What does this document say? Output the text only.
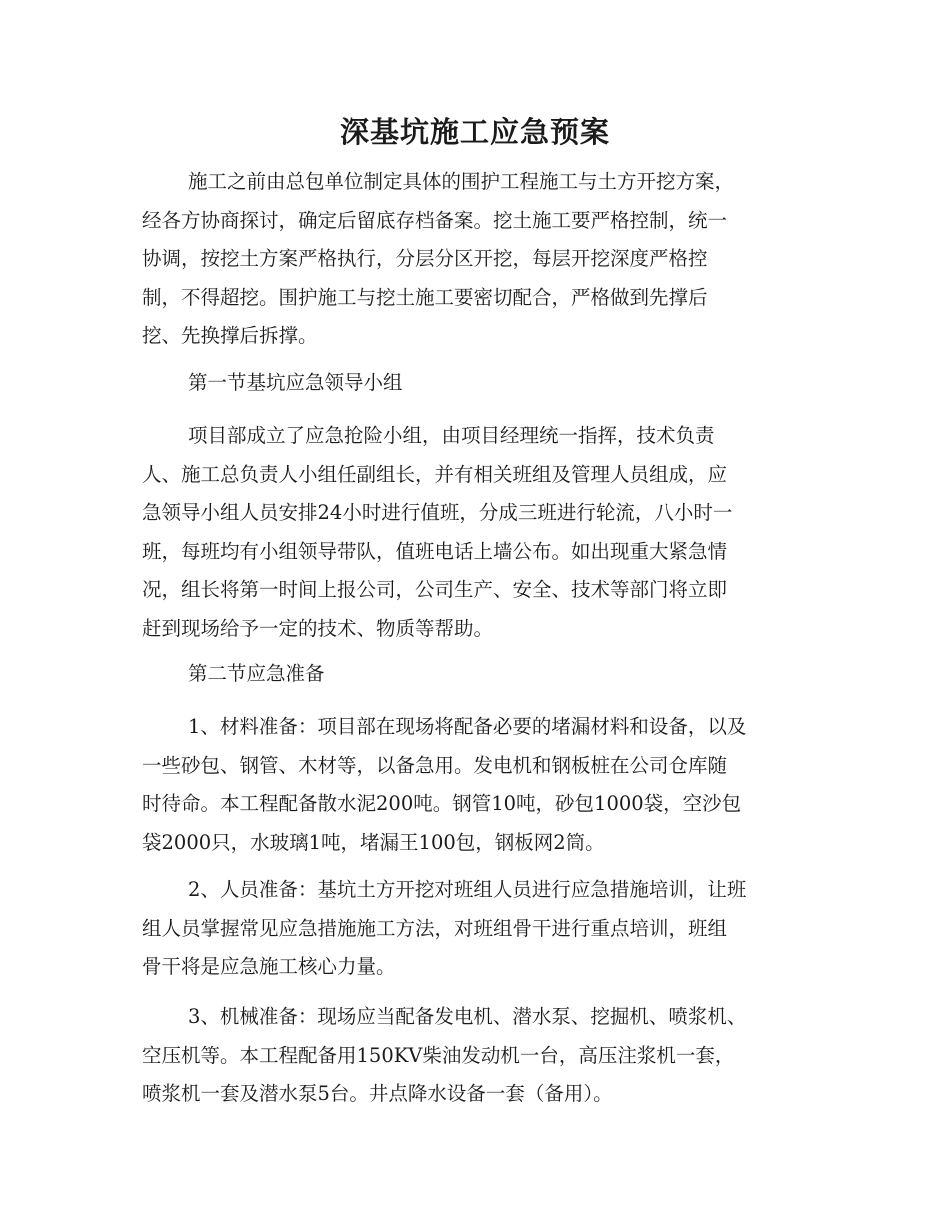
深基坑施工应急预案
施工之前由总包单位制定具体的围护工程施工与土方开挖方案，
经各方协商探讨，确定后留底存档备案。挖土施工要严格控制，统一
协调，按挖土方案严格执行，分层分区开挖，每层开挖深度严格控
制，不得超挖。围护施工与挖土施工要密切配合，严格做到先撑后
挖、先换撑后拆撑。
第一节基坑应急领导小组
项目部成立了应急抢险小组，由项目经理统一指挥，技术负责
人、施工总负责人小组任副组长，并有相关班组及管理人员组成，应
急领导小组人员安排24小时进行值班，分成三班进行轮流，八小时一
班，每班均有小组领导带队，值班电话上墙公布。如出现重大紧急情
况，组长将第一时间上报公司，公司生产、安全、技术等部门将立即
赶到现场给予一定的技术、物质等帮助。
第二节应急准备
1、材料准备：项目部在现场将配备必要的堵漏材料和设备，以及
一些砂包、钢管、木材等，以备急用。发电机和钢板桩在公司仓库随
时待命。本工程配备散水泥200吨。钢管10吨，砂包1000袋，空沙包
袋2000只，水玻璃1吨，堵漏王100包，钢板网2筒。
2、人员准备：基坑土方开挖对班组人员进行应急措施培训，让班
组人员掌握常见应急措施施工方法，对班组骨干进行重点培训，班组
骨干将是应急施工核心力量。
3、机械准备：现场应当配备发电机、潜水泵、挖掘机、喷浆机、
空压机等。本工程配备用150KV柴油发动机一台，高压注浆机一套，
喷浆机一套及潜水泵5台。井点降水设备一套（备用）。
